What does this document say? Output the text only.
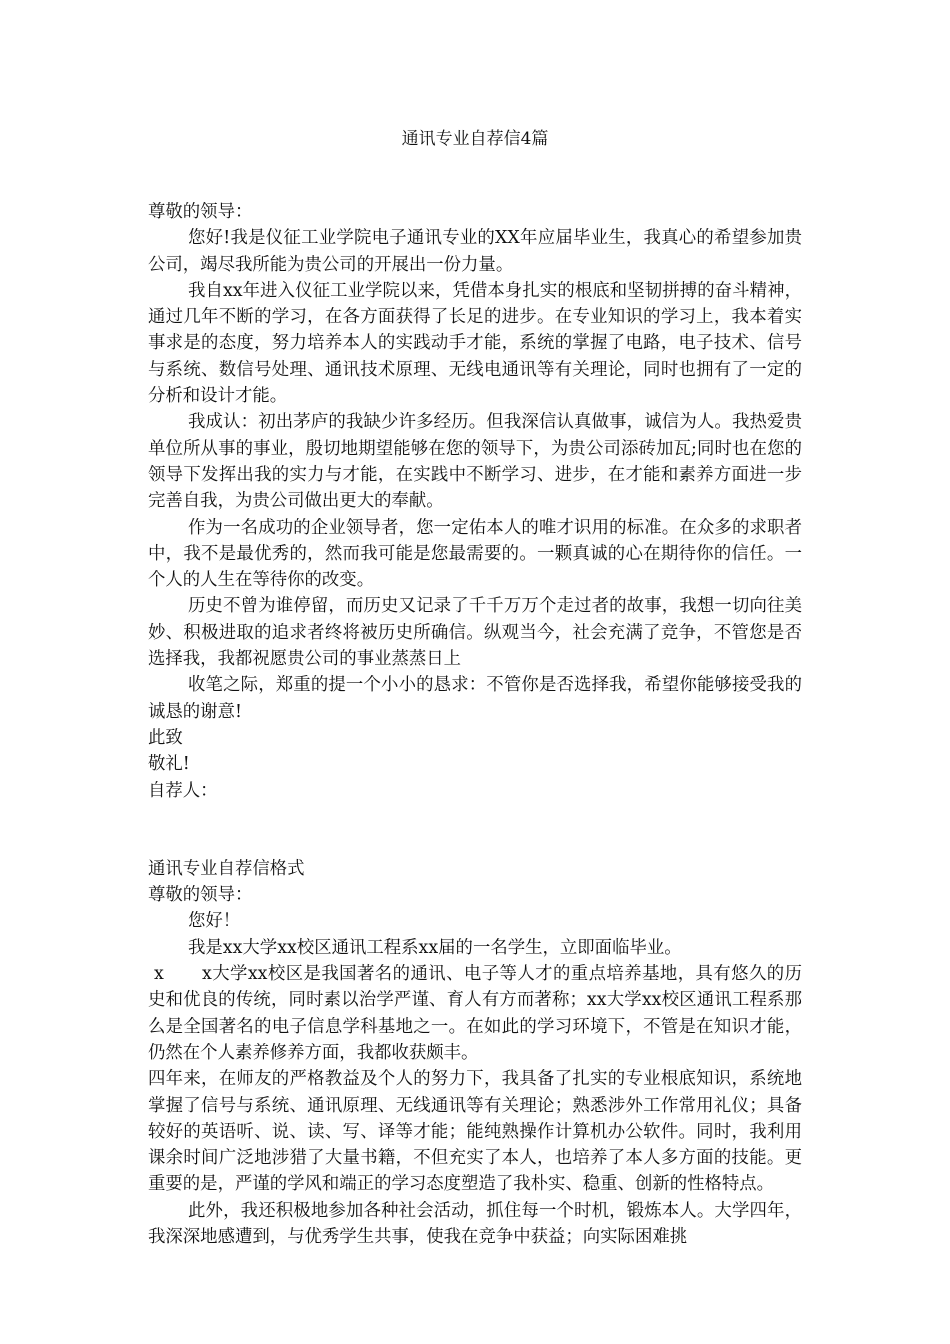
通讯专业自荐信4篇

尊敬的领导：

您好!我是仪征工业学院电子通讯专业的XX年应届毕业生，我真心的希望参加贵公司，竭尽我所能为贵公司的开展出一份力量。

我自xx年进入仪征工业学院以来，凭借本身扎实的根底和坚韧拼搏的奋斗精神，通过几年不断的学习，在各方面获得了长足的进步。在专业知识的学习上，我本着实事求是的态度，努力培养本人的实践动手才能，系统的掌握了电路，电子技术、信号与系统、数信号处理、通讯技术原理、无线电通讯等有关理论，同时也拥有了一定的分析和设计才能。

我成认：初出茅庐的我缺少许多经历。但我深信认真做事，诚信为人。我热爱贵单位所从事的事业，殷切地期望能够在您的领导下，为贵公司添砖加瓦;同时也在您的领导下发挥出我的实力与才能，在实践中不断学习、进步，在才能和素养方面进一步完善自我，为贵公司做出更大的奉献。

作为一名成功的企业领导者，您一定佑本人的唯才识用的标准。在众多的求职者中，我不是最优秀的，然而我可能是您最需要的。一颗真诚的心在期待你的信任。一个人的人生在等待你的改变。

历史不曾为谁停留，而历史又记录了千千万万个走过者的故事，我想一切向往美妙、积极进取的追求者终将被历史所确信。纵观当今，社会充满了竞争，不管您是否选择我，我都祝愿贵公司的事业蒸蒸日上

收笔之际，郑重的提一个小小的恳求：不管你是否选择我，希望你能够接受我的诚恳的谢意!

此致

敬礼!

自荐人：

通讯专业自荐信格式

尊敬的领导：

您好！

我是xx大学xx校区通讯工程系xx届的一名学生，立即面临毕业。

x x大学xx校区是我国著名的通讯、电子等人才的重点培养基地，具有悠久的历史和优良的传统，同时素以治学严谨、育人有方而著称；xx大学xx校区通讯工程系那么是全国著名的电子信息学科基地之一。在如此的学习环境下，不管是在知识才能，仍然在个人素养修养方面，我都收获颇丰。

四年来，在师友的严格教益及个人的努力下，我具备了扎实的专业根底知识，系统地掌握了信号与系统、通讯原理、无线通讯等有关理论；熟悉涉外工作常用礼仪；具备较好的英语听、说、读、写、译等才能；能纯熟操作计算机办公软件。同时，我利用课余时间广泛地涉猎了大量书籍，不但充实了本人，也培养了本人多方面的技能。更重要的是，严谨的学风和端正的学习态度塑造了我朴实、稳重、创新的性格特点。

此外，我还积极地参加各种社会活动，抓住每一个时机，锻炼本人。大学四年，我深深地感遭到，与优秀学生共事，使我在竞争中获益；向实际困难挑
